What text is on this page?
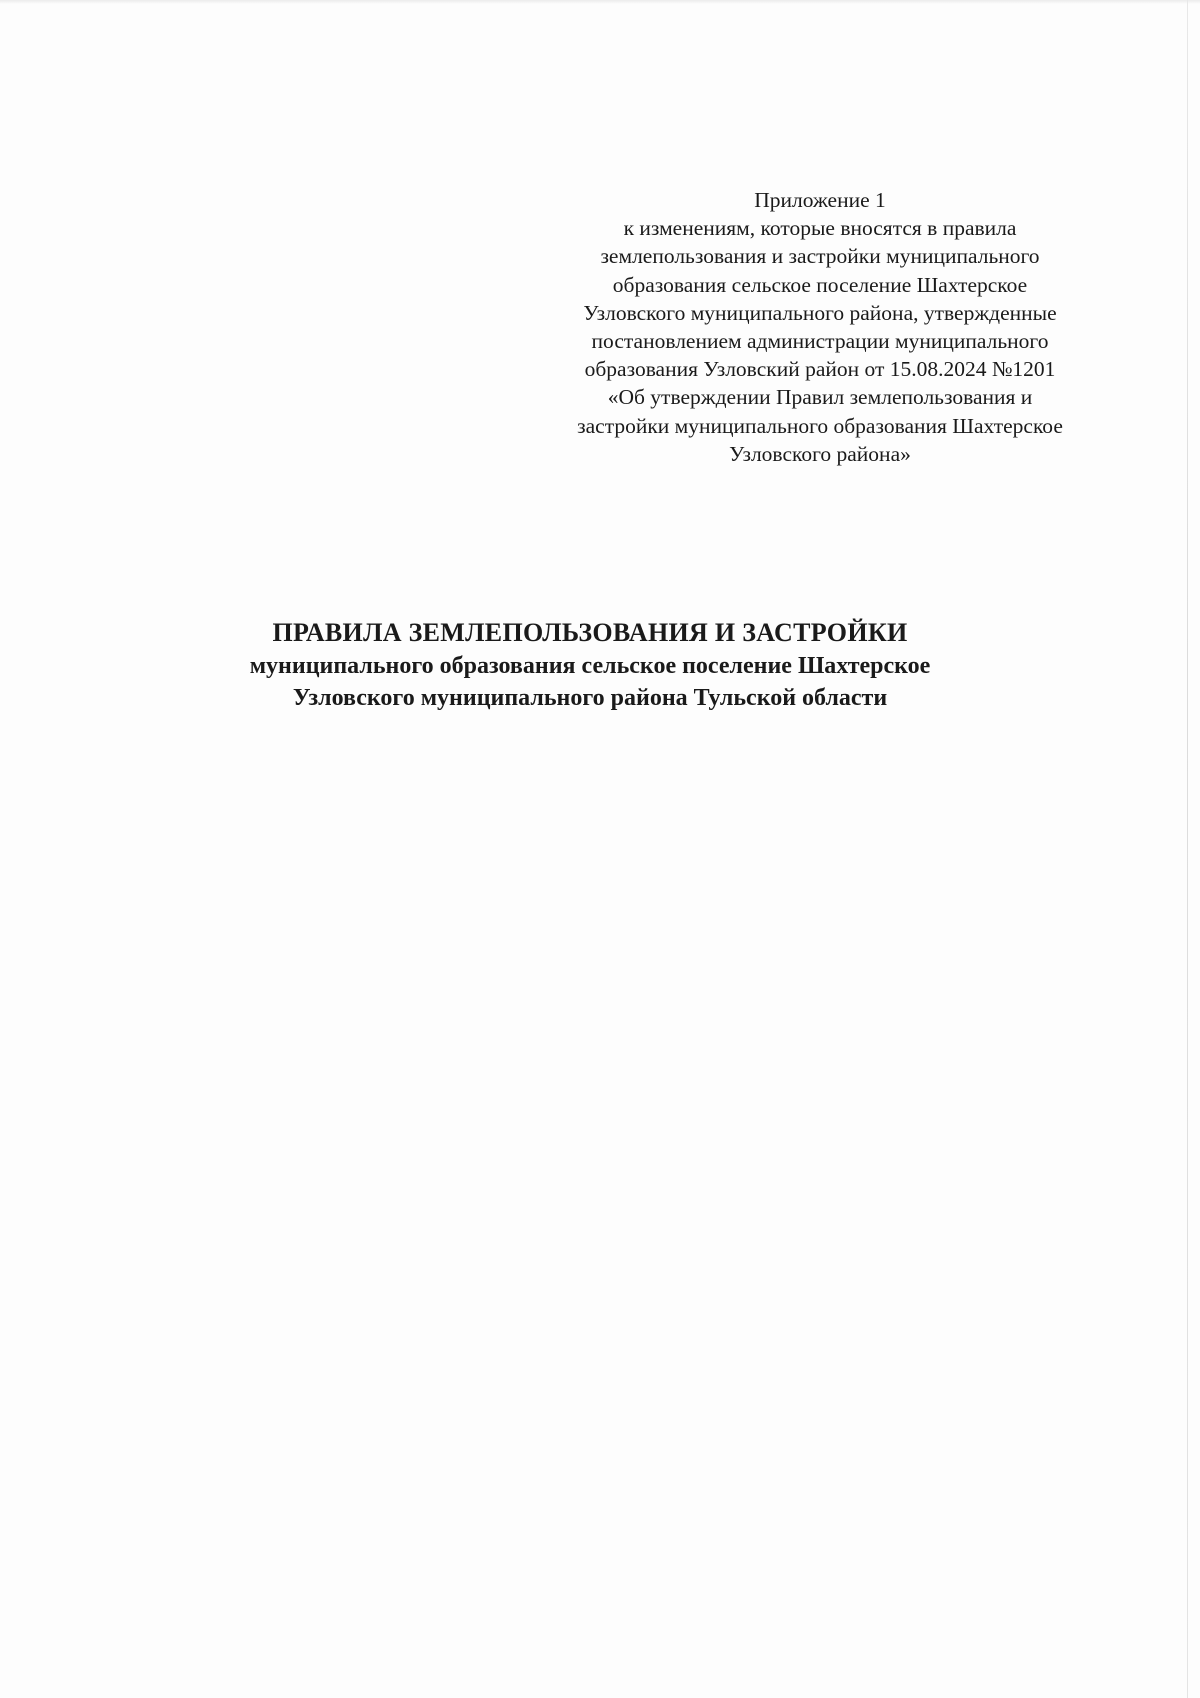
Приложение 1
к изменениям, которые вносятся в правила
землепользования и застройки муниципального
образования сельское поселение Шахтерское
Узловского муниципального района, утвержденные
постановлением администрации муниципального
образования Узловский район от 15.08.2024 №1201
«Об утверждении Правил землепользования и
застройки муниципального образования Шахтерское
Узловского района»
ПРАВИЛА ЗЕМЛЕПОЛЬЗОВАНИЯ И ЗАСТРОЙКИ
муниципального образования сельское поселение Шахтерское
Узловского муниципального района Тульской области
